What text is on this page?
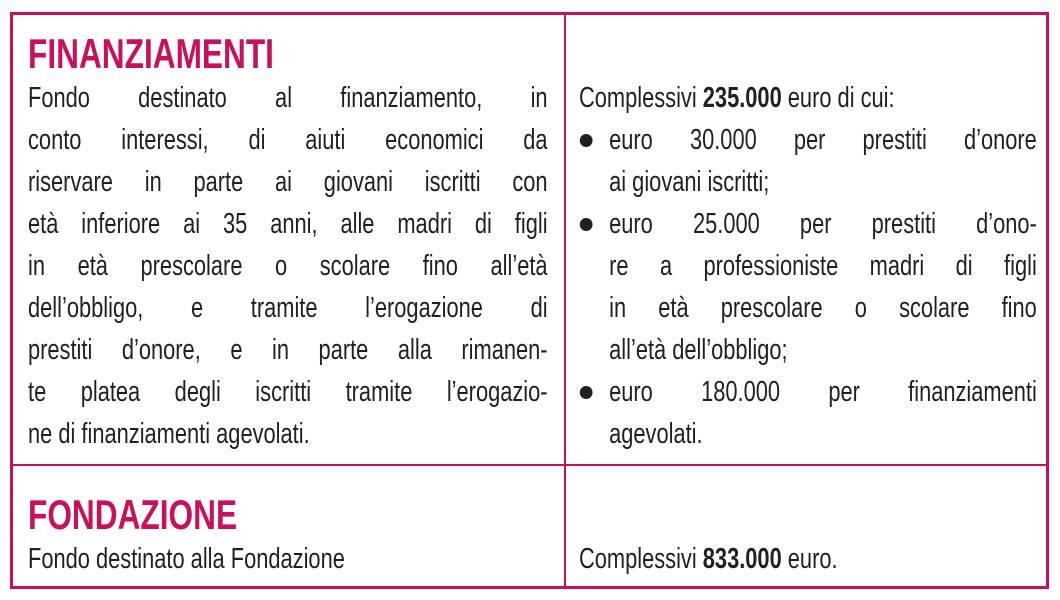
FINANZIAMENTI
Fondo destinato al finanziamento, in
conto interessi, di aiuti economici da
riservare in parte ai giovani iscritti con
età inferiore ai 35 anni, alle madri di figli
in età prescolare o scolare fino all’età
dell’obbligo, e tramite l’erogazione di
prestiti d’onore, e in parte alla rimanen-
te platea degli iscritti tramite l’erogazio-
ne di finanziamenti agevolati.
Complessivi 235.000 euro di cui:
euro 30.000 per prestiti d’onore
ai giovani iscritti;
euro 25.000 per prestiti d’ono-
re a professioniste madri di figli
in età prescolare o scolare fino
all’età dell’obbligo;
euro 180.000 per finanziamenti
agevolati.
FONDAZIONE
Fondo destinato alla Fondazione	Complessivi 833.000 euro.
